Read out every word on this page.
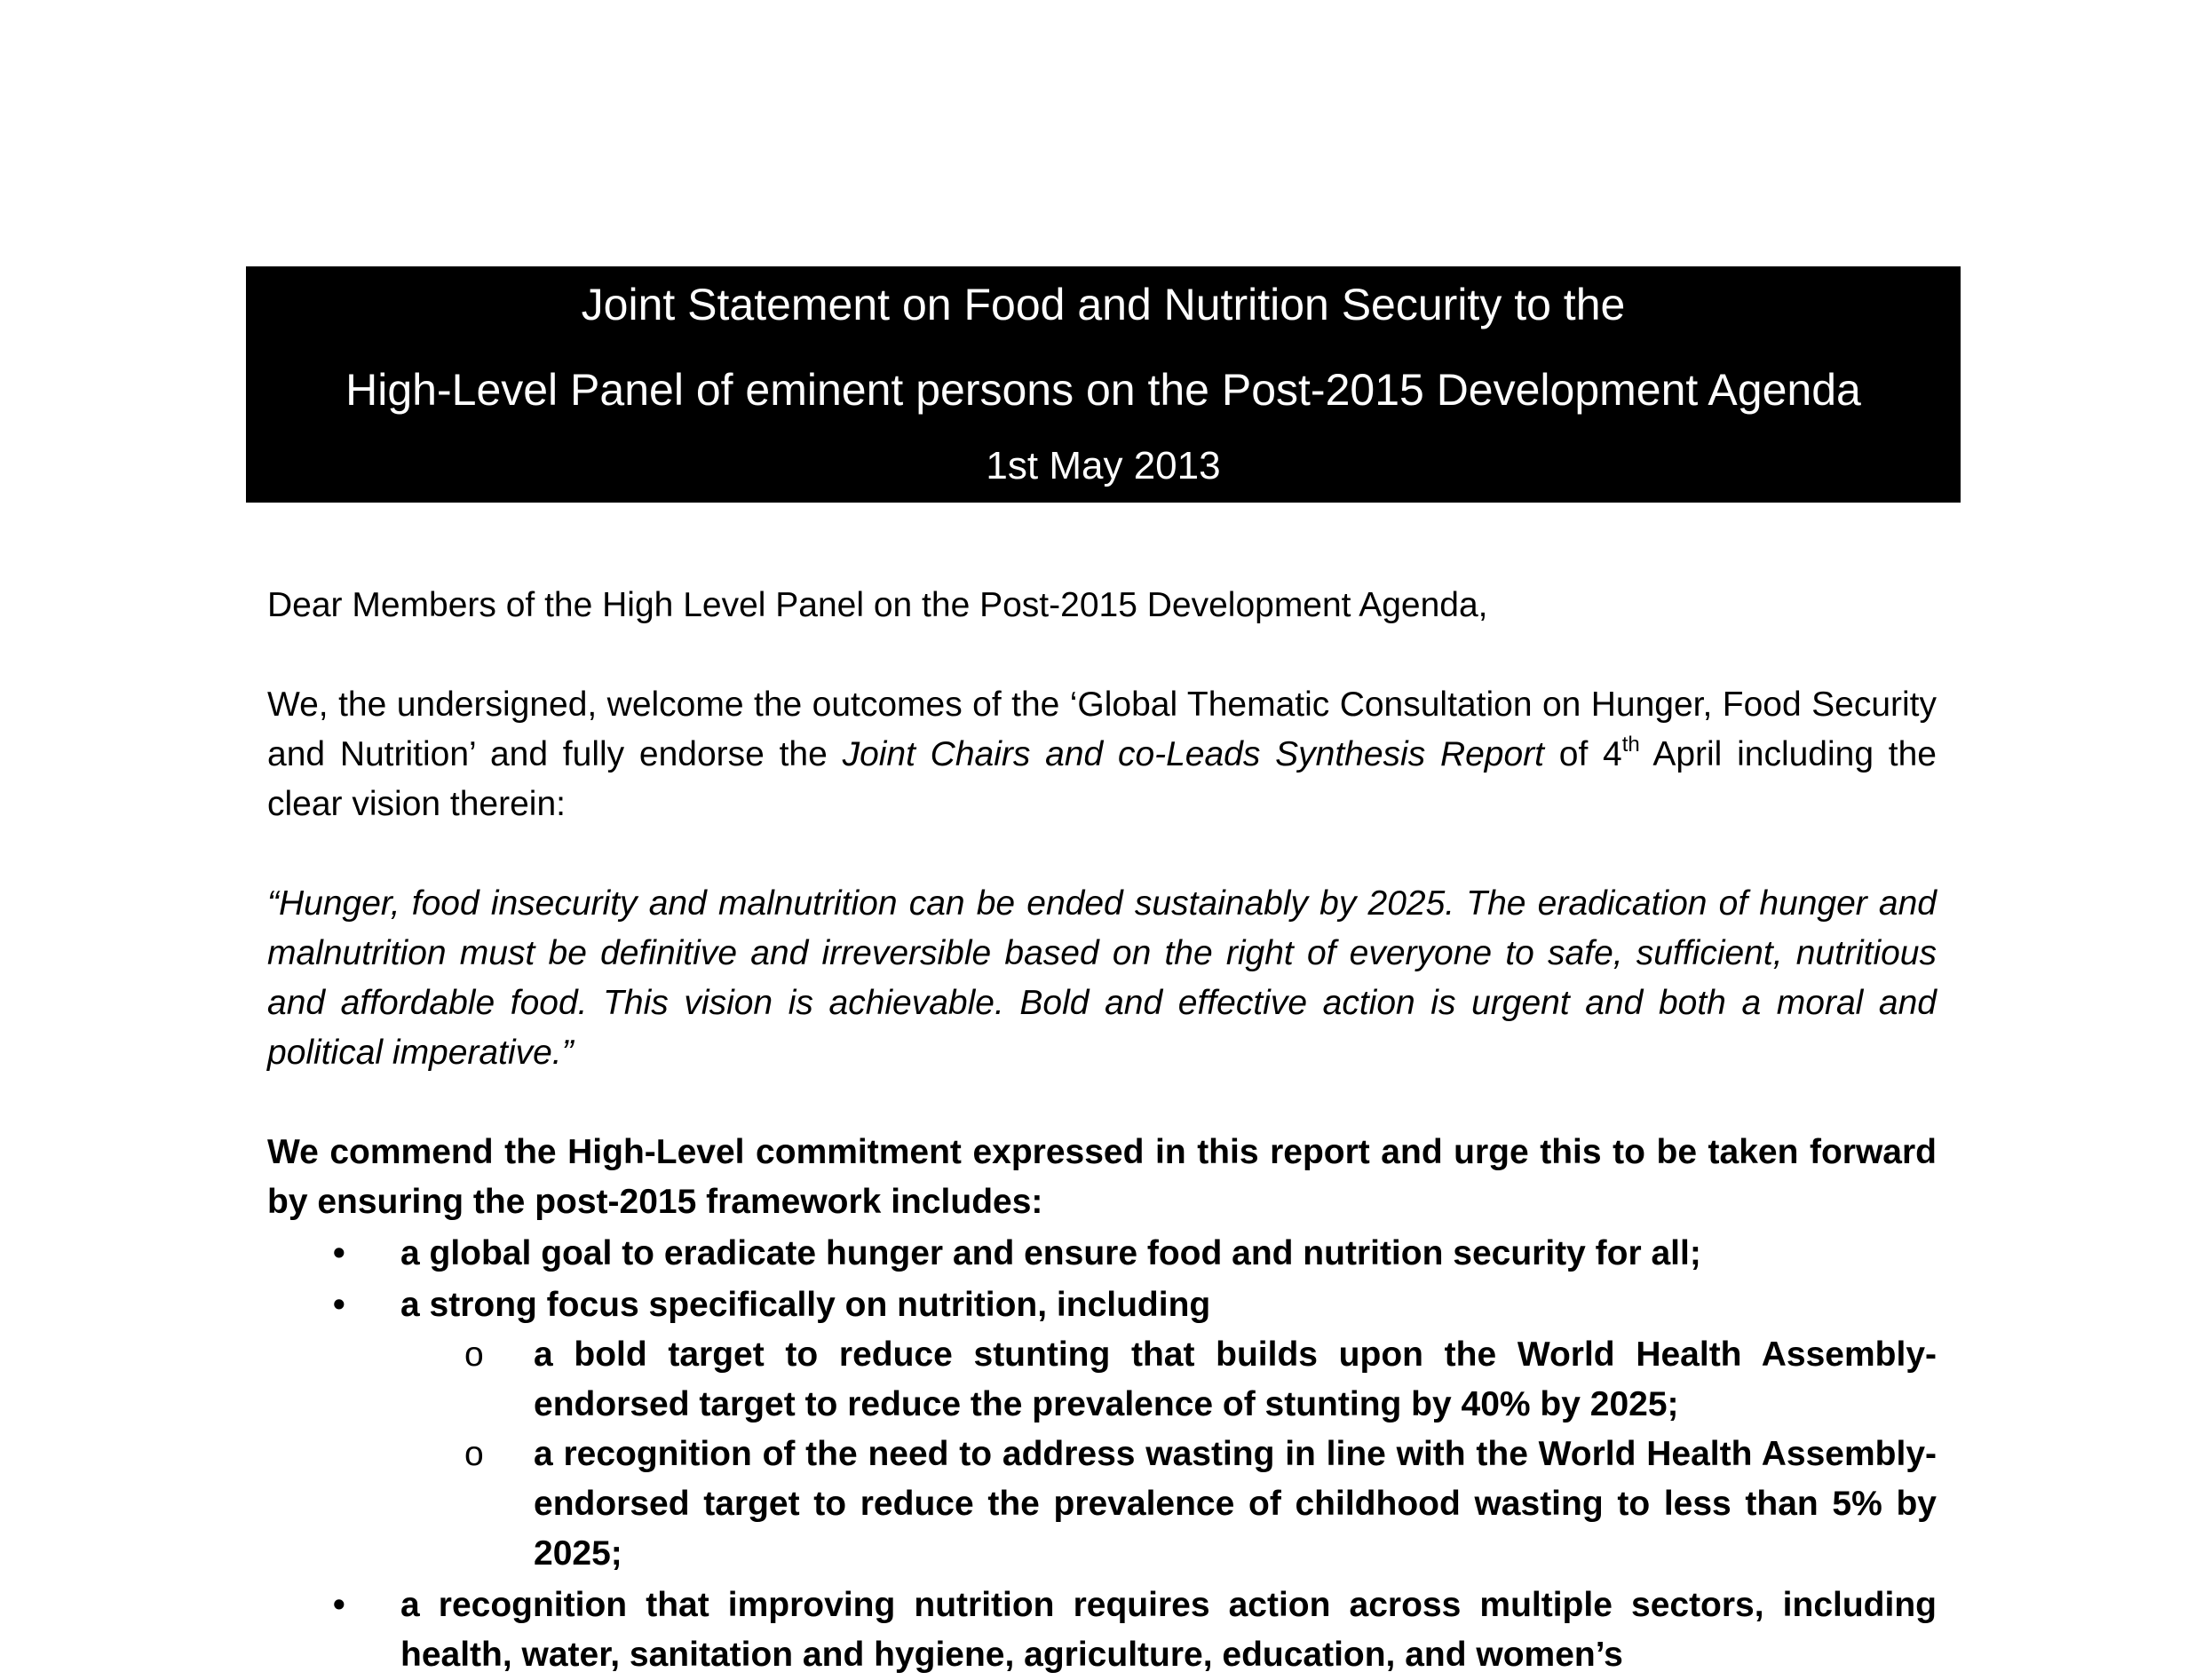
Joint Statement on Food and Nutrition Security to the
High-Level Panel of eminent persons on the Post-2015 Development Agenda
1st May 2013
Dear Members of the High Level Panel on the Post-2015 Development Agenda,
We, the undersigned, welcome the outcomes of the ‘Global Thematic Consultation on Hunger, Food Security and Nutrition’ and fully endorse the Joint Chairs and co-Leads Synthesis Report of 4th April including the clear vision therein:
“Hunger, food insecurity and malnutrition can be ended sustainably by 2025. The eradication of hunger and malnutrition must be definitive and irreversible based on the right of everyone to safe, sufficient, nutritious and affordable food. This vision is achievable. Bold and effective action is urgent and both a moral and political imperative.”
We commend the High-Level commitment expressed in this report and urge this to be taken forward by ensuring the post-2015 framework includes:
• a global goal to eradicate hunger and ensure food and nutrition security for all;
• a strong focus specifically on nutrition, including
o a bold target to reduce stunting that builds upon the World Health Assembly-endorsed target to reduce the prevalence of stunting by 40% by 2025;
o a recognition of the need to address wasting in line with the World Health Assembly-endorsed target to reduce the prevalence of childhood wasting to less than 5% by 2025;
• a recognition that improving nutrition requires action across multiple sectors, including health, water, sanitation and hygiene, agriculture, education, and women’s
